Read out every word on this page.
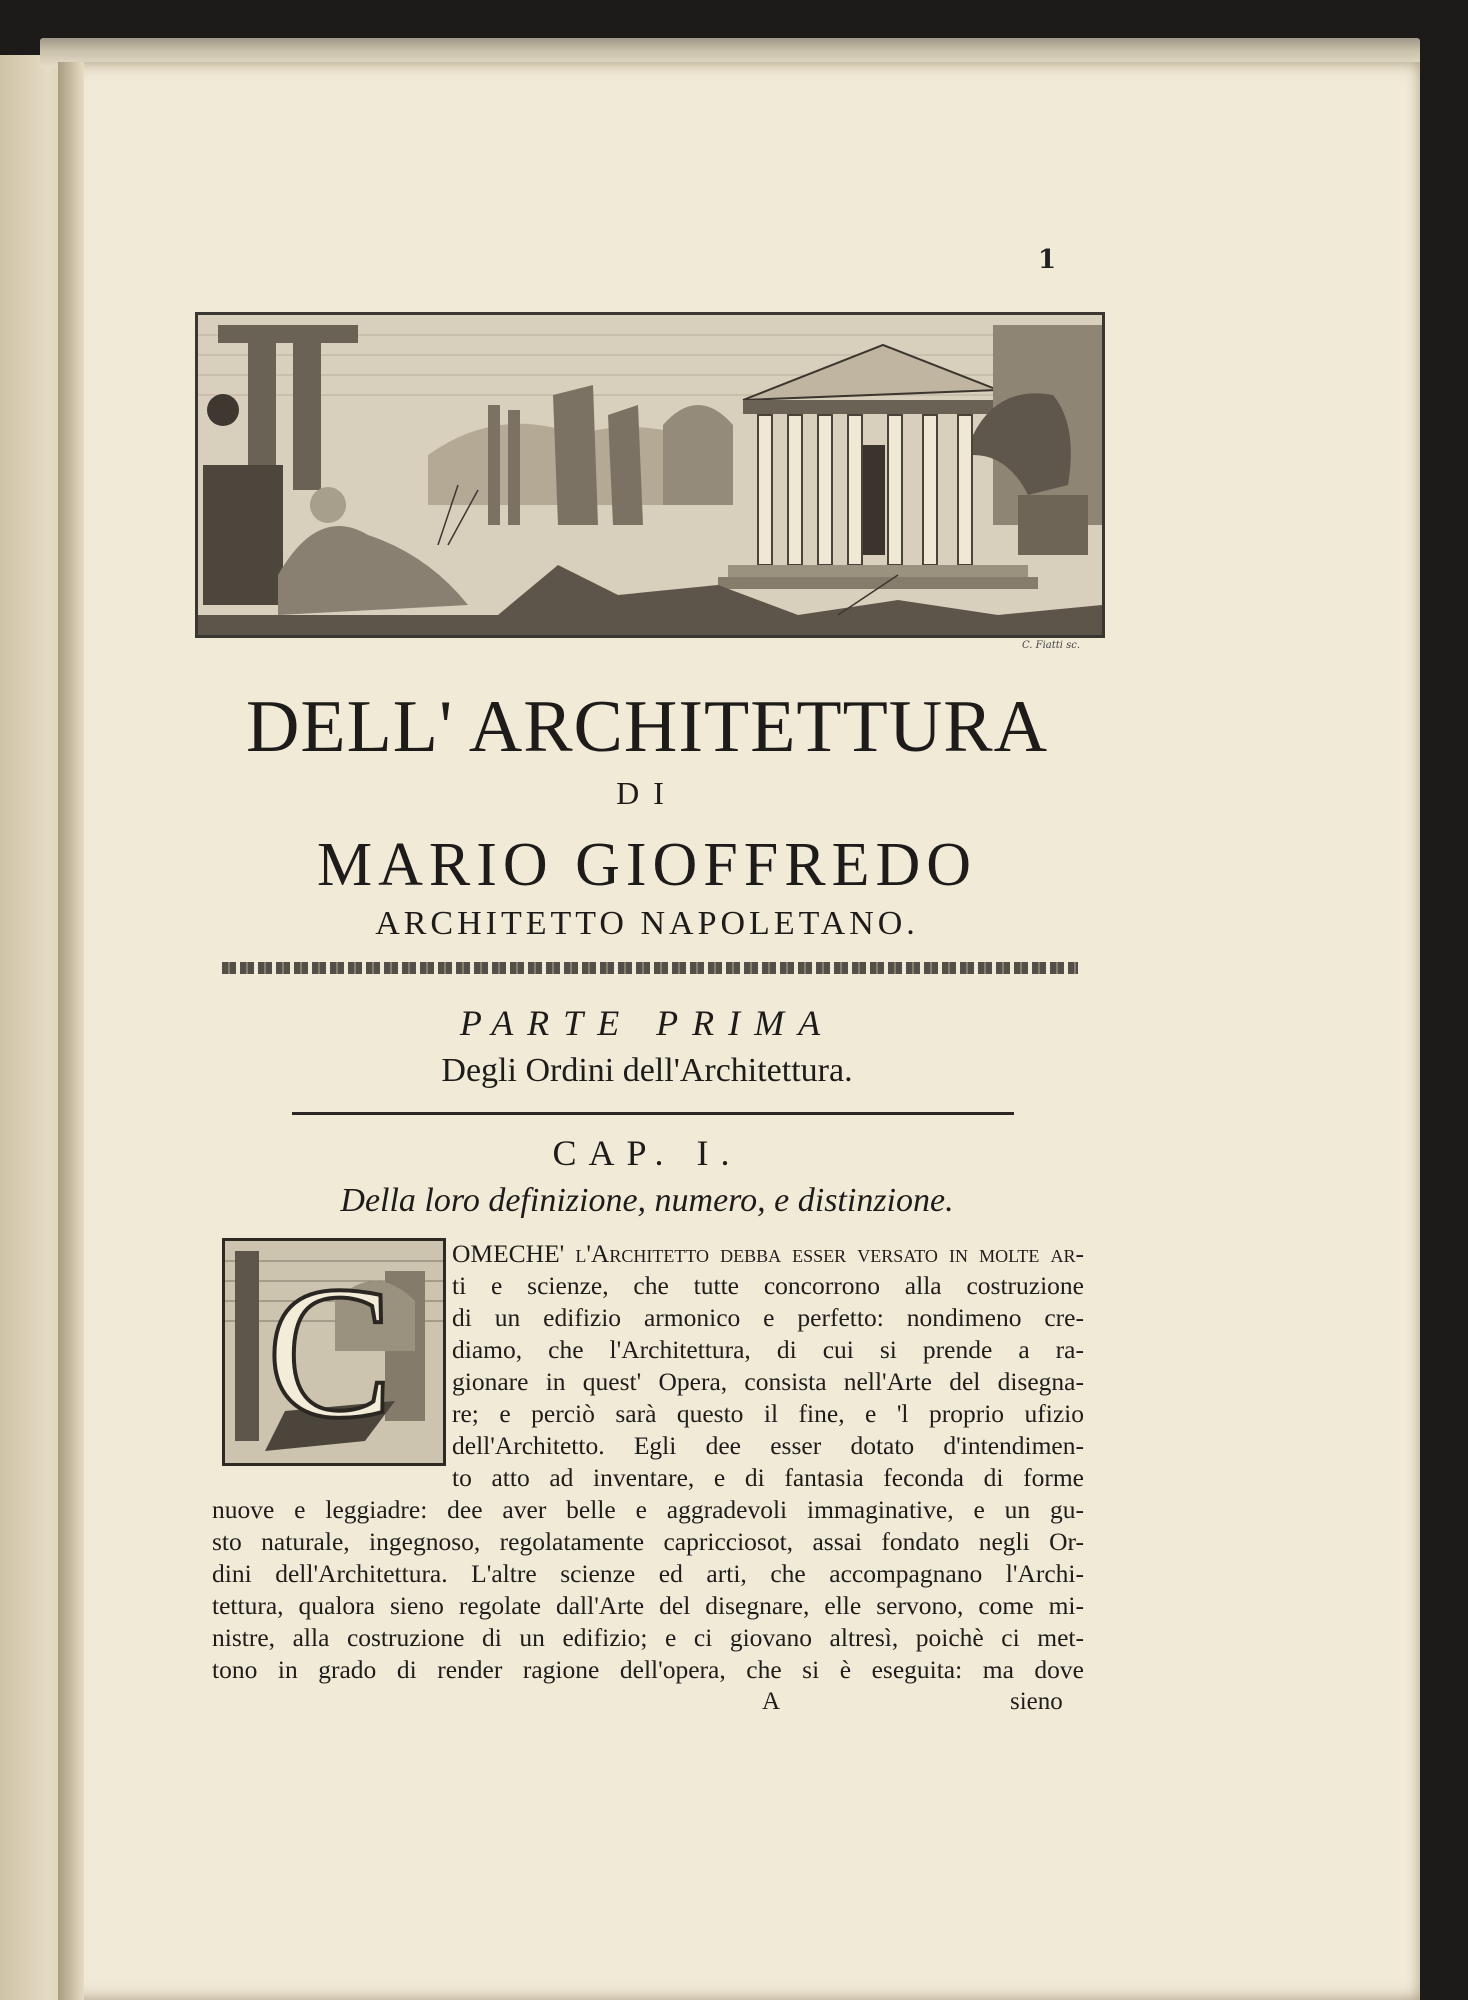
1
C. Fiatti sc.
DELL' ARCHITETTURA
DI
MARIO GIOFFREDO
ARCHITETTO NAPOLETANO.
PARTE PRIMA
Degli Ordini dell'Architettura.
CAP. I.
Della loro definizione, numero, e distinzione.
C OMECHE' l'Architetto debba esser versato in molte ar-
ti e scienze, che tutte concorrono alla costruzione
di un edifizio armonico e perfetto: nondimeno cre-
diamo, che l'Architettura, di cui si prende a ra-
gionare in quest' Opera, consista nell'Arte del disegna-
re; e perciò sarà questo il fine, e 'l proprio ufizio
dell'Architetto. Egli dee esser dotato d'intendimen-
to atto ad inventare, e di fantasia feconda di forme
nuove e leggiadre: dee aver belle e aggradevoli immaginative, e un gu-
sto naturale, ingegnoso, regolatamente capricciosot, assai fondato negli Or-
dini dell'Architettura. L'altre scienze ed arti, che accompagnano l'Archi-
tettura, qualora sieno regolate dall'Arte del disegnare, elle servono, come mi-
nistre, alla costruzione di un edifizio; e ci giovano altresì, poichè ci met-
tono in grado di render ragione dell'opera, che si è eseguita: ma dove
A	sieno
